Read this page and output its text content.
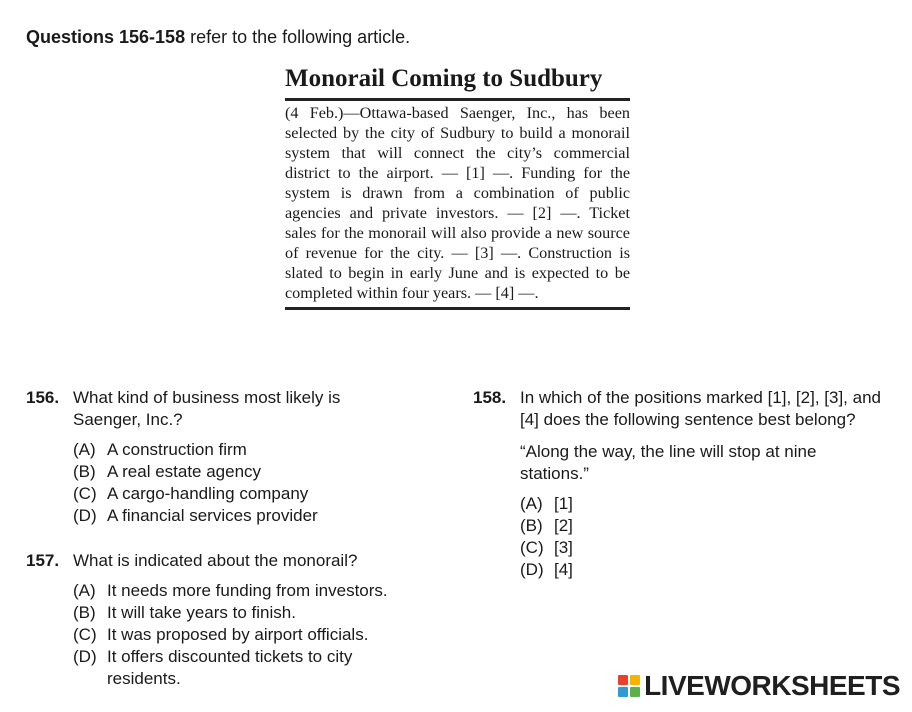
Questions 156-158 refer to the following article.
Monorail Coming to Sudbury
(4 Feb.)—Ottawa-based Saenger, Inc., has been selected by the city of Sudbury to build a monorail system that will connect the city’s commercial district to the airport. — [1] —. Funding for the system is drawn from a combination of public agencies and private investors. — [2] —. Ticket sales for the monorail will also provide a new source of revenue for the city. — [3] —. Construction is slated to begin in early June and is expected to be completed within four years. — [4] —.
156. What kind of business most likely is Saenger, Inc.?
(A) A construction firm
(B) A real estate agency
(C) A cargo-handling company
(D) A financial services provider
157. What is indicated about the monorail?
(A) It needs more funding from investors.
(B) It will take years to finish.
(C) It was proposed by airport officials.
(D) It offers discounted tickets to city residents.
158. In which of the positions marked [1], [2], [3], and [4] does the following sentence best belong?
“Along the way, the line will stop at nine stations.”
(A) [1]
(B) [2]
(C) [3]
(D) [4]
LIVEWORKSHEETS
